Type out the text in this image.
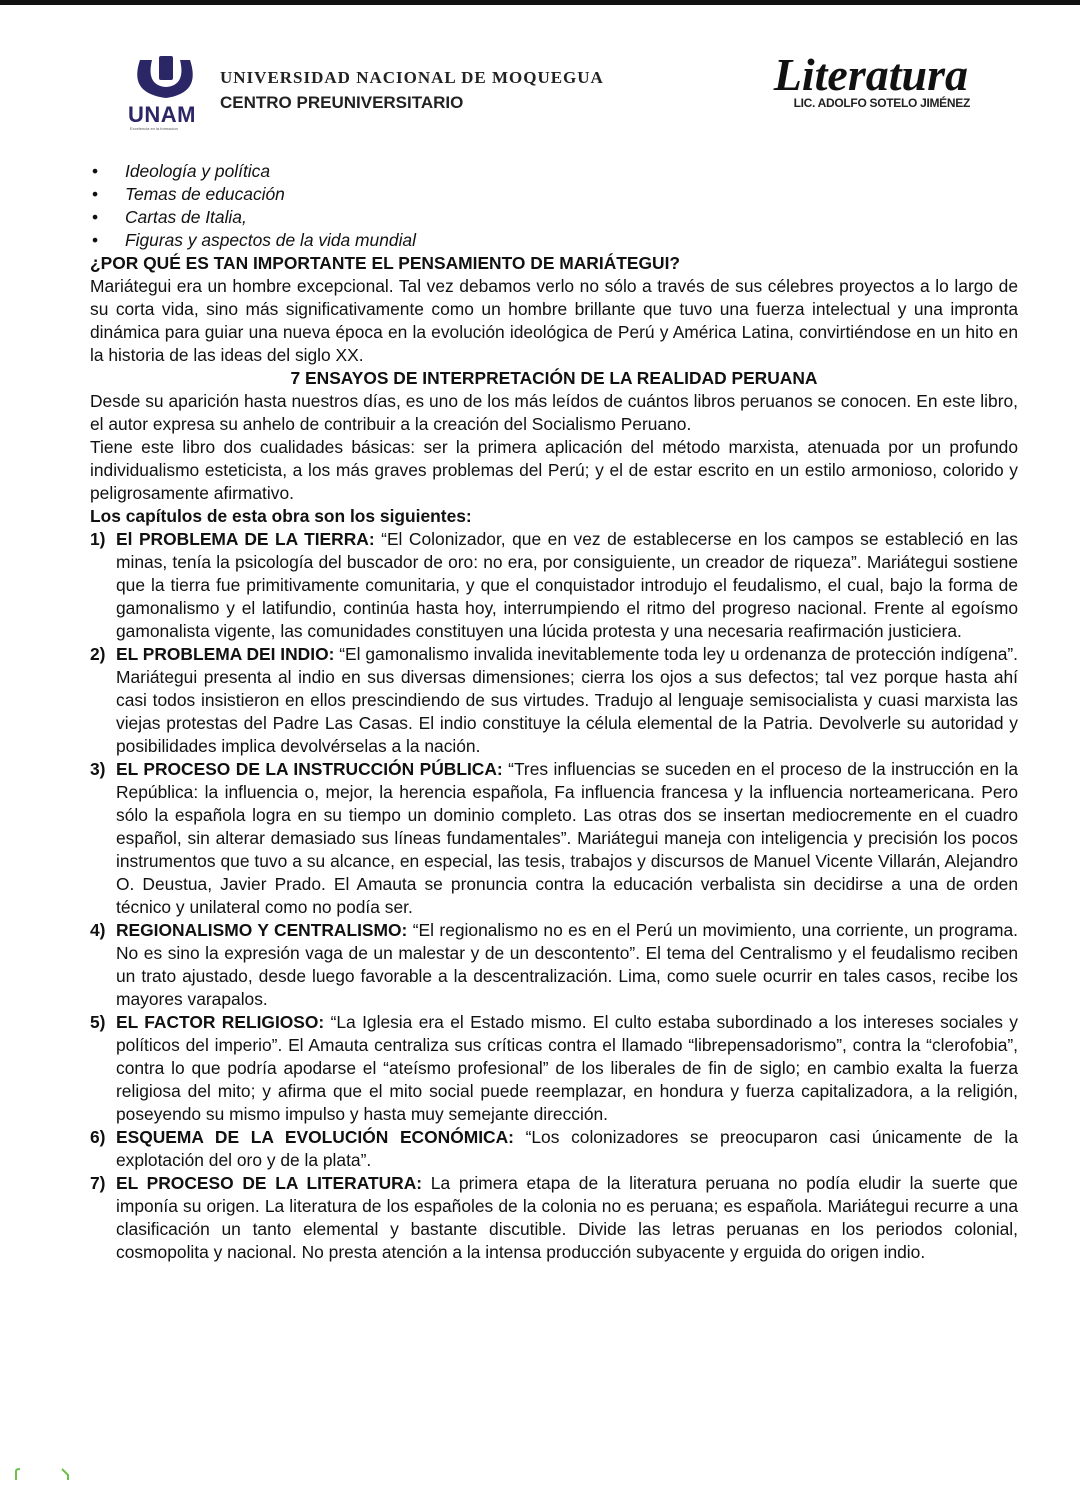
UNAM
Excelencia en la formacion
UNIVERSIDAD NACIONAL DE MOQUEGUA
CENTRO PREUNIVERSITARIO
Literatura
LIC. ADOLFO SOTELO JIMÉNEZ
• Ideología y política
• Temas de educación
• Cartas de Italia,
• Figuras y aspectos de la vida mundial
¿POR QUÉ ES TAN IMPORTANTE EL PENSAMIENTO DE MARIÁTEGUI?

Mariátegui era un hombre excepcional. Tal vez debamos verlo no sólo a través de sus célebres proyectos a lo largo de su corta vida, sino más significativamente como un hombre brillante que tuvo una fuerza intelectual y una impronta dinámica para guiar una nueva época en la evolución ideológica de Perú y América Latina, convirtiéndose en un hito en la historia de las ideas del siglo XX.

7 ENSAYOS DE INTERPRETACIÓN DE LA REALIDAD PERUANA

Desde su aparición hasta nuestros días, es uno de los más leídos de cuántos libros peruanos se conocen. En este libro, el autor expresa su anhelo de contribuir a la creación del Socialismo Peruano.

Tiene este libro dos cualidades básicas: ser la primera aplicación del método marxista, atenuada por un profundo individualismo esteticista, a los más graves problemas del Perú; y el de estar escrito en un estilo armonioso, colorido y peligrosamente afirmativo.

Los capítulos de esta obra son los siguientes:

1) El PROBLEMA DE LA TIERRA: “El Colonizador, que en vez de establecerse en los campos se estableció en las minas, tenía la psicología del buscador de oro: no era, por consiguiente, un creador de riqueza”. Mariátegui sostiene que la tierra fue primitivamente comunitaria, y que el conquistador introdujo el feudalismo, el cual, bajo la forma de gamonalismo y el latifundio, continúa hasta hoy, interrumpiendo el ritmo del progreso nacional. Frente al egoísmo gamonalista vigente, las comunidades constituyen una lúcida protesta y una necesaria reafirmación justiciera.
2) EL PROBLEMA DEI INDIO: “El gamonalismo invalida inevitablemente toda ley u ordenanza de protección indígena”. Mariátegui presenta al indio en sus diversas dimensiones; cierra los ojos a sus defectos; tal vez porque hasta ahí casi todos insistieron en ellos prescindiendo de sus virtudes. Tradujo al lenguaje semisocialista y cuasi marxista las viejas protestas del Padre Las Casas. El indio constituye la célula elemental de la Patria. Devolverle su autoridad y posibilidades implica devolvérselas a la nación.
3) EL PROCESO DE LA INSTRUCCIÓN PÚBLICA: “Tres influencias se suceden en el proceso de la instrucción en la República: la influencia o, mejor, la herencia española, Fa influencia francesa y la influencia norteamericana. Pero sólo la española logra en su tiempo un dominio completo. Las otras dos se insertan mediocremente en el cuadro español, sin alterar demasiado sus líneas fundamentales”. Mariátegui maneja con inteligencia y precisión los pocos instrumentos que tuvo a su alcance, en especial, las tesis, trabajos y discursos de Manuel Vicente Villarán, Alejandro O. Deustua, Javier Prado. El Amauta se pronuncia contra la educación verbalista sin decidirse a una de orden técnico y unilateral como no podía ser.
4) REGIONALISMO Y CENTRALISMO: “El regionalismo no es en el Perú un movimiento, una corriente, un programa. No es sino la expresión vaga de un malestar y de un descontento”. El tema del Centralismo y el feudalismo reciben un trato ajustado, desde luego favorable a la descentralización. Lima, como suele ocurrir en tales casos, recibe los mayores varapalos.
5) EL FACTOR RELIGIOSO: “La Iglesia era el Estado mismo. El culto estaba subordinado a los intereses sociales y políticos del imperio”. El Amauta centraliza sus críticas contra el llamado “librepensadorismo”, contra la “clerofobia”, contra lo que podría apodarse el “ateísmo profesional” de los liberales de fin de siglo; en cambio exalta la fuerza religiosa del mito; y afirma que el mito social puede reemplazar, en hondura y fuerza capitalizadora, a la religión, poseyendo su mismo impulso y hasta muy semejante dirección.
6) ESQUEMA DE LA EVOLUCIÓN ECONÓMICA: “Los colonizadores se preocuparon casi únicamente de la explotación del oro y de la plata”.
7) EL PROCESO DE LA LITERATURA: La primera etapa de la literatura peruana no podía eludir la suerte que imponía su origen. La literatura de los españoles de la colonia no es peruana; es española. Mariátegui recurre a una clasificación un tanto elemental y bastante discutible. Divide las letras peruanas en los periodos colonial, cosmopolita y nacional. No presta atención a la intensa producción subyacente y erguida do origen indio.
